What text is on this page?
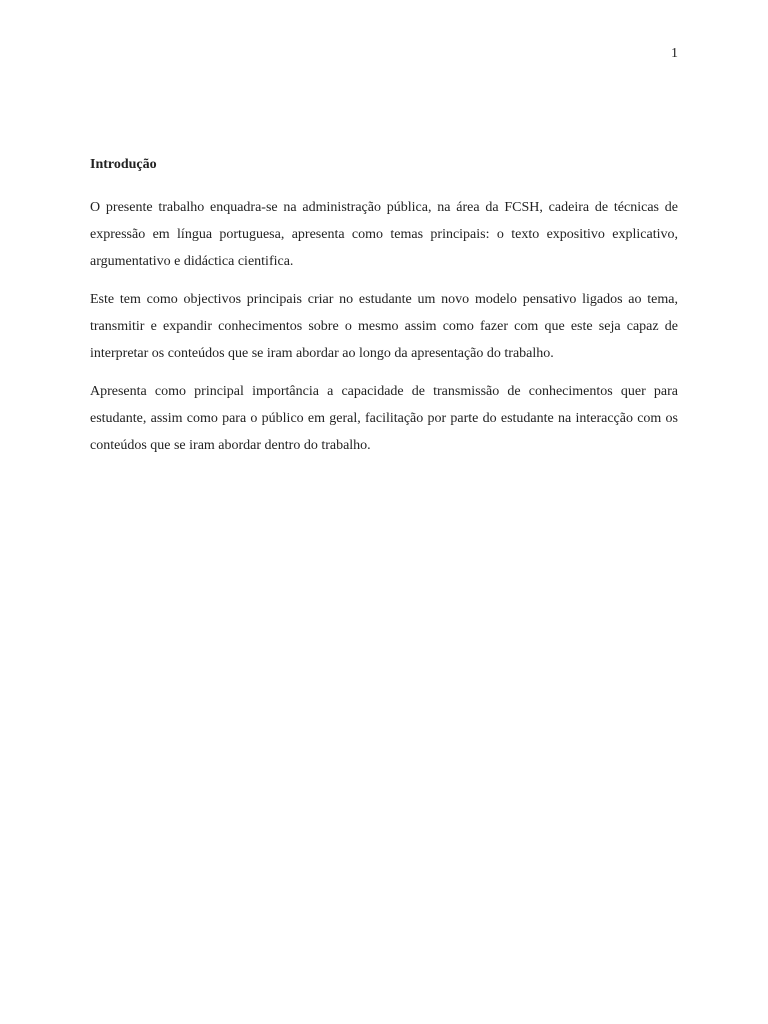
1
Introdução

O presente trabalho enquadra-se na administração pública, na área da FCSH, cadeira de técnicas de expressão em língua portuguesa, apresenta como temas principais: o texto expositivo explicativo, argumentativo e didáctica cientifica.

Este tem como objectivos principais criar no estudante um novo modelo pensativo ligados ao tema, transmitir e expandir conhecimentos sobre o mesmo assim como fazer com que este seja capaz de interpretar os conteúdos que se iram abordar ao longo da apresentação do trabalho.

Apresenta como principal importância a capacidade de transmissão de conhecimentos quer para estudante, assim como para o público em geral, facilitação por parte do estudante na interacção com os conteúdos que se iram abordar dentro do trabalho.
